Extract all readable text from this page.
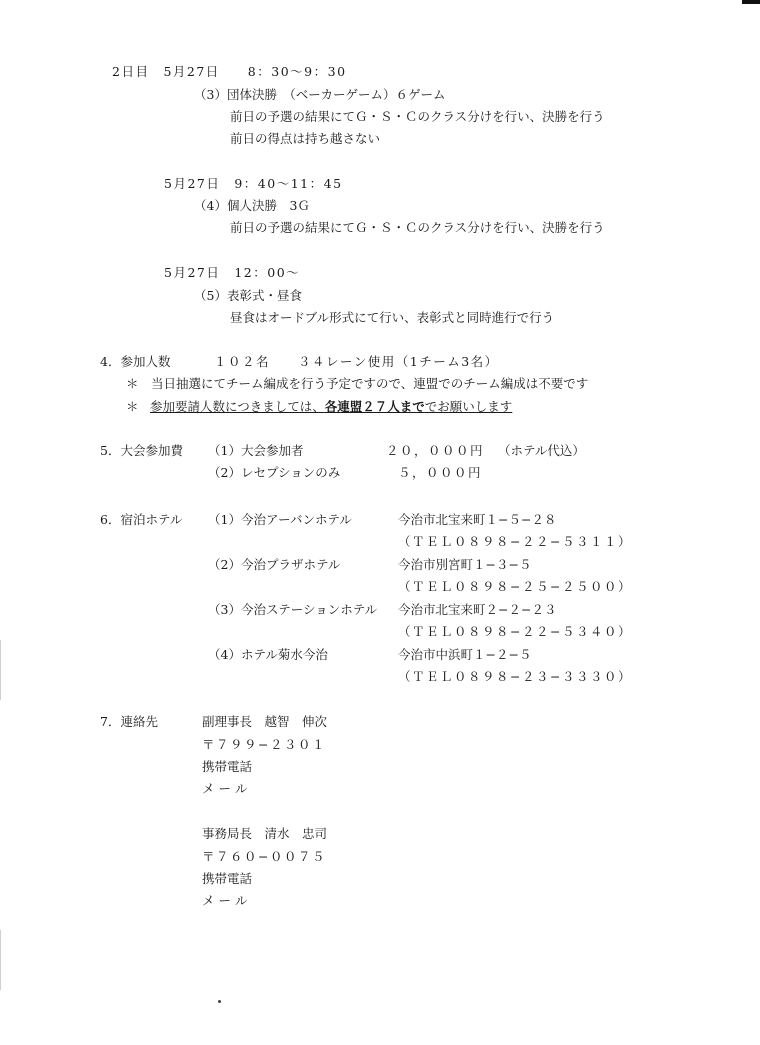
2日目　5月27日　　8：30〜9：30
（3）団体決勝　（ベーカーゲーム）６ゲーム
前日の予選の結果にてＧ・Ｓ・Ｃのクラス分けを行い、決勝を行う
前日の得点は持ち越さない
5月27日　9：40〜11：45
（4）個人決勝　3Ｇ
前日の予選の結果にてＧ・Ｓ・Ｃのクラス分けを行い、決勝を行う
5月27日　12：00〜
（5）表彰式・昼食
昼食はオードブル形式にて行い、表彰式と同時進行で行う
4．参加人数	１０２名　　３４レーン使用（1チーム3名）
＊　当日抽選にてチーム編成を行う予定ですので、連盟でのチーム編成は不要です
＊ 参加要請人数につきましては、各連盟２７人まででお願いします
5．大会参加費 （1）大会参加者	２０，０００円 （ホテル代込）
（2）レセプションのみ	５，０００円
6．宿泊ホテル （1）今治アーバンホテル	今治市北宝来町１−５−２８
（ＴＥＬ０８９８−２２−５３１１）
（2）今治プラザホテル	今治市別宮町１−３−５
（ＴＥＬ０８９８−２５−２５００）
（3）今治ステーションホテル 今治市北宝来町２−２−２３
（ＴＥＬ０８９８−２２−５３４０）
（4）ホテル菊水今治	今治市中浜町１−２−５
（ＴＥＬ０８９８−２３−３３３０）
7．連絡先	副理事長　越智　伸次
〒７９９−２３０１
携帯電話
メ ー ル
事務局長　清水　忠司
〒７６０−００７５
携帯電話
メ ー ル
